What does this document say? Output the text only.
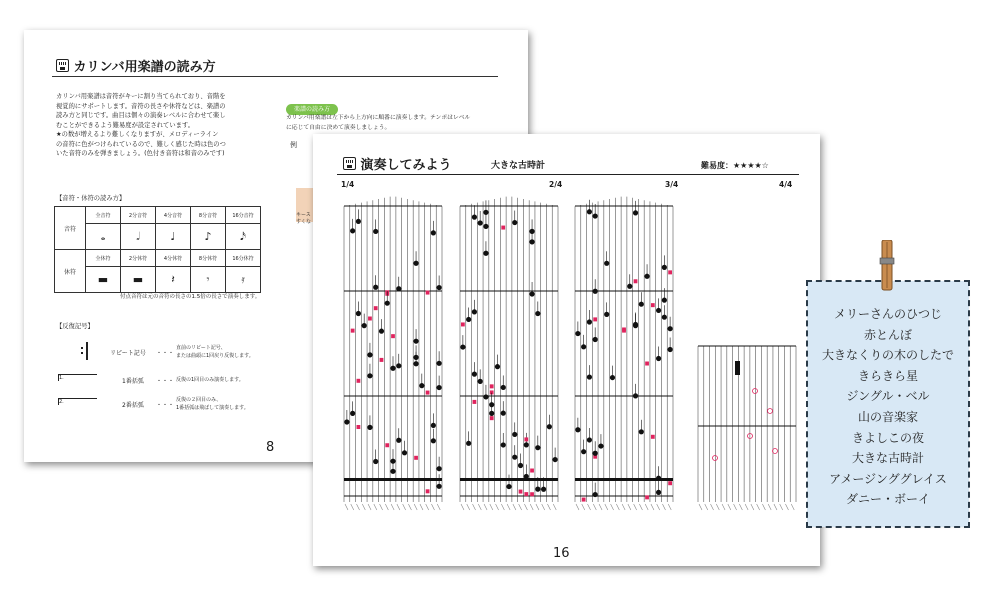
カリンバ用楽譜の読み方
カリンバ用楽譜は音符がキーに割り当てられており、音階を
視覚的にサポートします。音符の長さや休符などは、楽譜の
読み方と同じです。曲目は個々の演奏レベルに合わせて楽し
むことができるよう難易度が設定されています。
★の数が増えるより難しくなりますが、メロディーライン
の音符に色がつけられているので、難しく感じた時は色のつ
いた音符のみを弾きましょう。(色付き音符は和音のみです)
楽譜の読み方
カリンバ用楽譜は左下から上方向に順番に演奏します。テンポはレベル
に応じて自由に決めて演奏しましょう。
例
キース
すくな
【音符・休符の読み方】
音符	全音符	2分音符	4分音符	8分音符	16分音符

	𝅝	𝅗𝅥	♩	♪	𝅘𝅥𝅯

休符	全休符	2分休符	4分休符	8分休符	16分休符

	▬	▬	𝄽	𝄾	𝄿
付点音符は元の音符の長さの1.5倍の長さで演奏します。
【反復記号】
リピート記号 ・・・
直前のリピート記号、
または曲頭に1回戻り反復します。
1.	1番括弧 ・・・ 反復の1回目のみ演奏します。
2.	2番括弧 ・・・
反復の２回目のみ、
1番括弧は飛ばして演奏します。
8
演奏してみよう	大きな古時計	難易度：★★★★☆
1/4	2/4	3/4	4/4
16
メリーさんのひつじ
赤とんぼ
大きなくりの木のしたで
きらきら星
ジングル・ベル
山の音楽家
きよしこの夜
大きな古時計
アメージンググレイス
ダニー・ボーイ
